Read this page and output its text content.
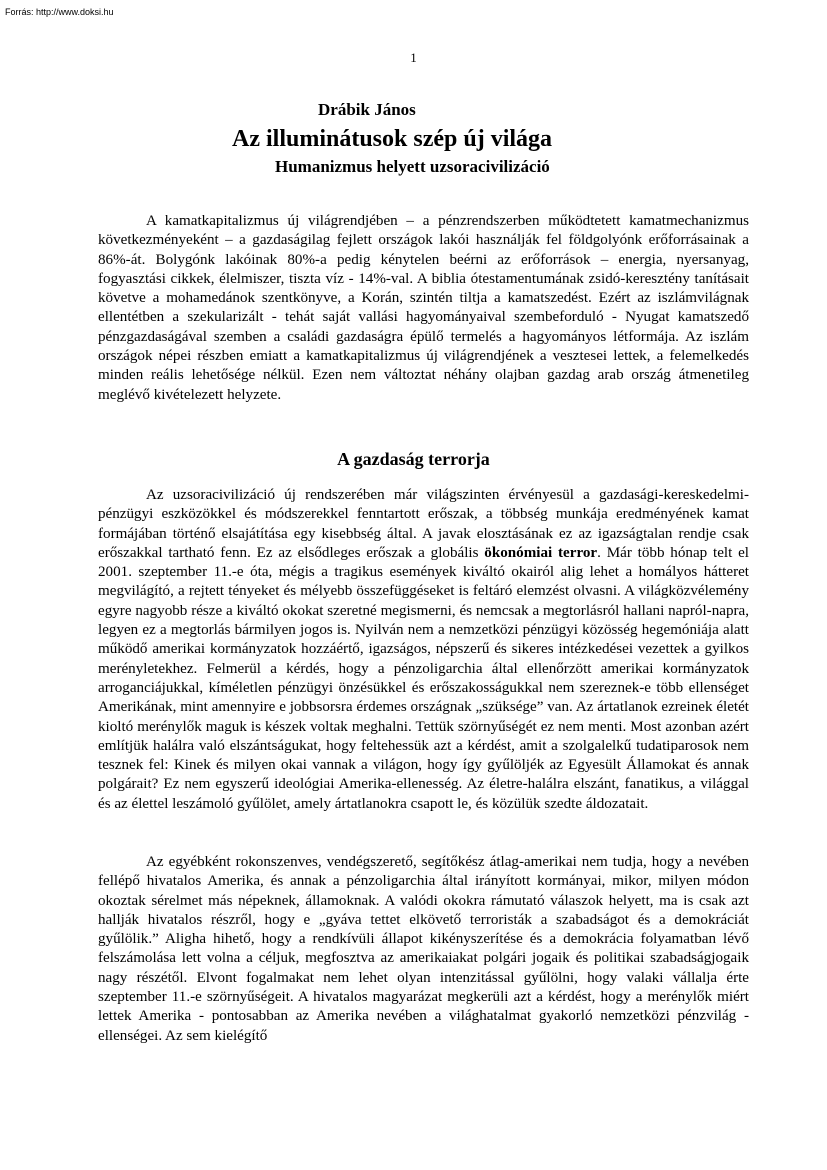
Forrás: http://www.doksi.hu
1
Drábik János
Az illuminátusok szép új világa
Humanizmus helyett uzsoracivilizáció

A kamatkapitalizmus új világrendjében – a pénzrendszerben működtetett kamatmechanizmus következményeként – a gazdaságilag fejlett országok lakói használják fel földgolyónk erőforrásainak a 86%-át. Bolygónk lakóinak 80%-a pedig kénytelen beérni az erőforrások – energia, nyersanyag, fogyasztási cikkek, élelmiszer, tiszta víz - 14%-val. A biblia ótestamentumának zsidó-keresztény tanításait követve a mohamedánok szentkönyve, a Korán, szintén tiltja a kamatszedést. Ezért az iszlámvilágnak ellentétben a szekularizált - tehát saját vallási hagyományaival szembeforduló - Nyugat kamatszedő pénzgazdaságával szemben a családi gazdaságra épülő termelés a hagyományos létformája. Az iszlám országok népei részben emiatt a kamatkapitalizmus új világrendjének a vesztesei lettek, a felemelkedés minden reális lehetősége nélkül. Ezen nem változtat néhány olajban gazdag arab ország átmenetileg meglévő kivételezett helyzete.

A gazdaság terrorja

Az uzsoracivilizáció új rendszerében már világszinten érvényesül a gazdasági-kereskedelmi-pénzügyi eszközökkel és módszerekkel fenntartott erőszak, a többség munkája eredményének kamat formájában történő elsajátítása egy kisebbség által. A javak elosztásának ez az igazságtalan rendje csak erőszakkal tartható fenn. Ez az elsődleges erőszak a globális ökonómiai terror. Már több hónap telt el 2001. szeptember 11.-e óta, mégis a tragikus események kiváltó okairól alig lehet a homályos hátteret megvilágító, a rejtett tényeket és mélyebb összefüggéseket is feltáró elemzést olvasni. A világközvélemény egyre nagyobb része a kiváltó okokat szeretné megismerni, és nemcsak a megtorlásról hallani napról-napra, legyen ez a megtorlás bármilyen jogos is. Nyilván nem a nemzetközi pénzügyi közösség hegemóniája alatt működő amerikai kormányzatok hozzáértő, igazságos, népszerű és sikeres intézkedései vezettek a gyilkos merényletekhez. Felmerül a kérdés, hogy a pénzoligarchia által ellenőrzött amerikai kormányzatok arroganciájukkal, kíméletlen pénzügyi önzésükkel és erőszakosságukkal nem szereznek-e több ellenséget Amerikának, mint amennyire e jobbsorsra érdemes országnak „szüksége” van. Az ártatlanok ezreinek életét kioltó merénylők maguk is készek voltak meghalni. Tettük szörnyűségét ez nem menti. Most azonban azért említjük halálra való elszántságukat, hogy feltehessük azt a kérdést, amit a szolgalelkű tudatiparosok nem tesznek fel: Kinek és milyen okai vannak a világon, hogy így gyűlöljék az Egyesült Államokat és annak polgárait? Ez nem egyszerű ideológiai Amerika-ellenesség. Az életre-halálra elszánt, fanatikus, a világgal és az élettel leszámoló gyűlölet, amely ártatlanokra csapott le, és közülük szedte áldozatait.

Az egyébként rokonszenves, vendégszerető, segítőkész átlag-amerikai nem tudja, hogy a nevében fellépő hivatalos Amerika, és annak a pénzoligarchia által irányított kormányai, mikor, milyen módon okoztak sérelmet más népeknek, államoknak. A valódi okokra rámutató válaszok helyett, ma is csak azt hallják hivatalos részről, hogy e „gyáva tettet elkövető terroristák a szabadságot és a demokráciát gyűlölik.” Aligha hihető, hogy a rendkívüli állapot kikényszerítése és a demokrácia folyamatban lévő felszámolása lett volna a céljuk, megfosztva az amerikaiakat polgári jogaik és politikai szabadságjogaik nagy részétől. Elvont fogalmakat nem lehet olyan intenzitással gyűlölni, hogy valaki vállalja érte szeptember 11.-e szörnyűségeit. A hivatalos magyarázat megkerüli azt a kérdést, hogy a merénylők miért lettek Amerika - pontosabban az Amerika nevében a világhatalmat gyakorló nemzetközi pénzvilág - ellenségei. Az sem kielégítő
